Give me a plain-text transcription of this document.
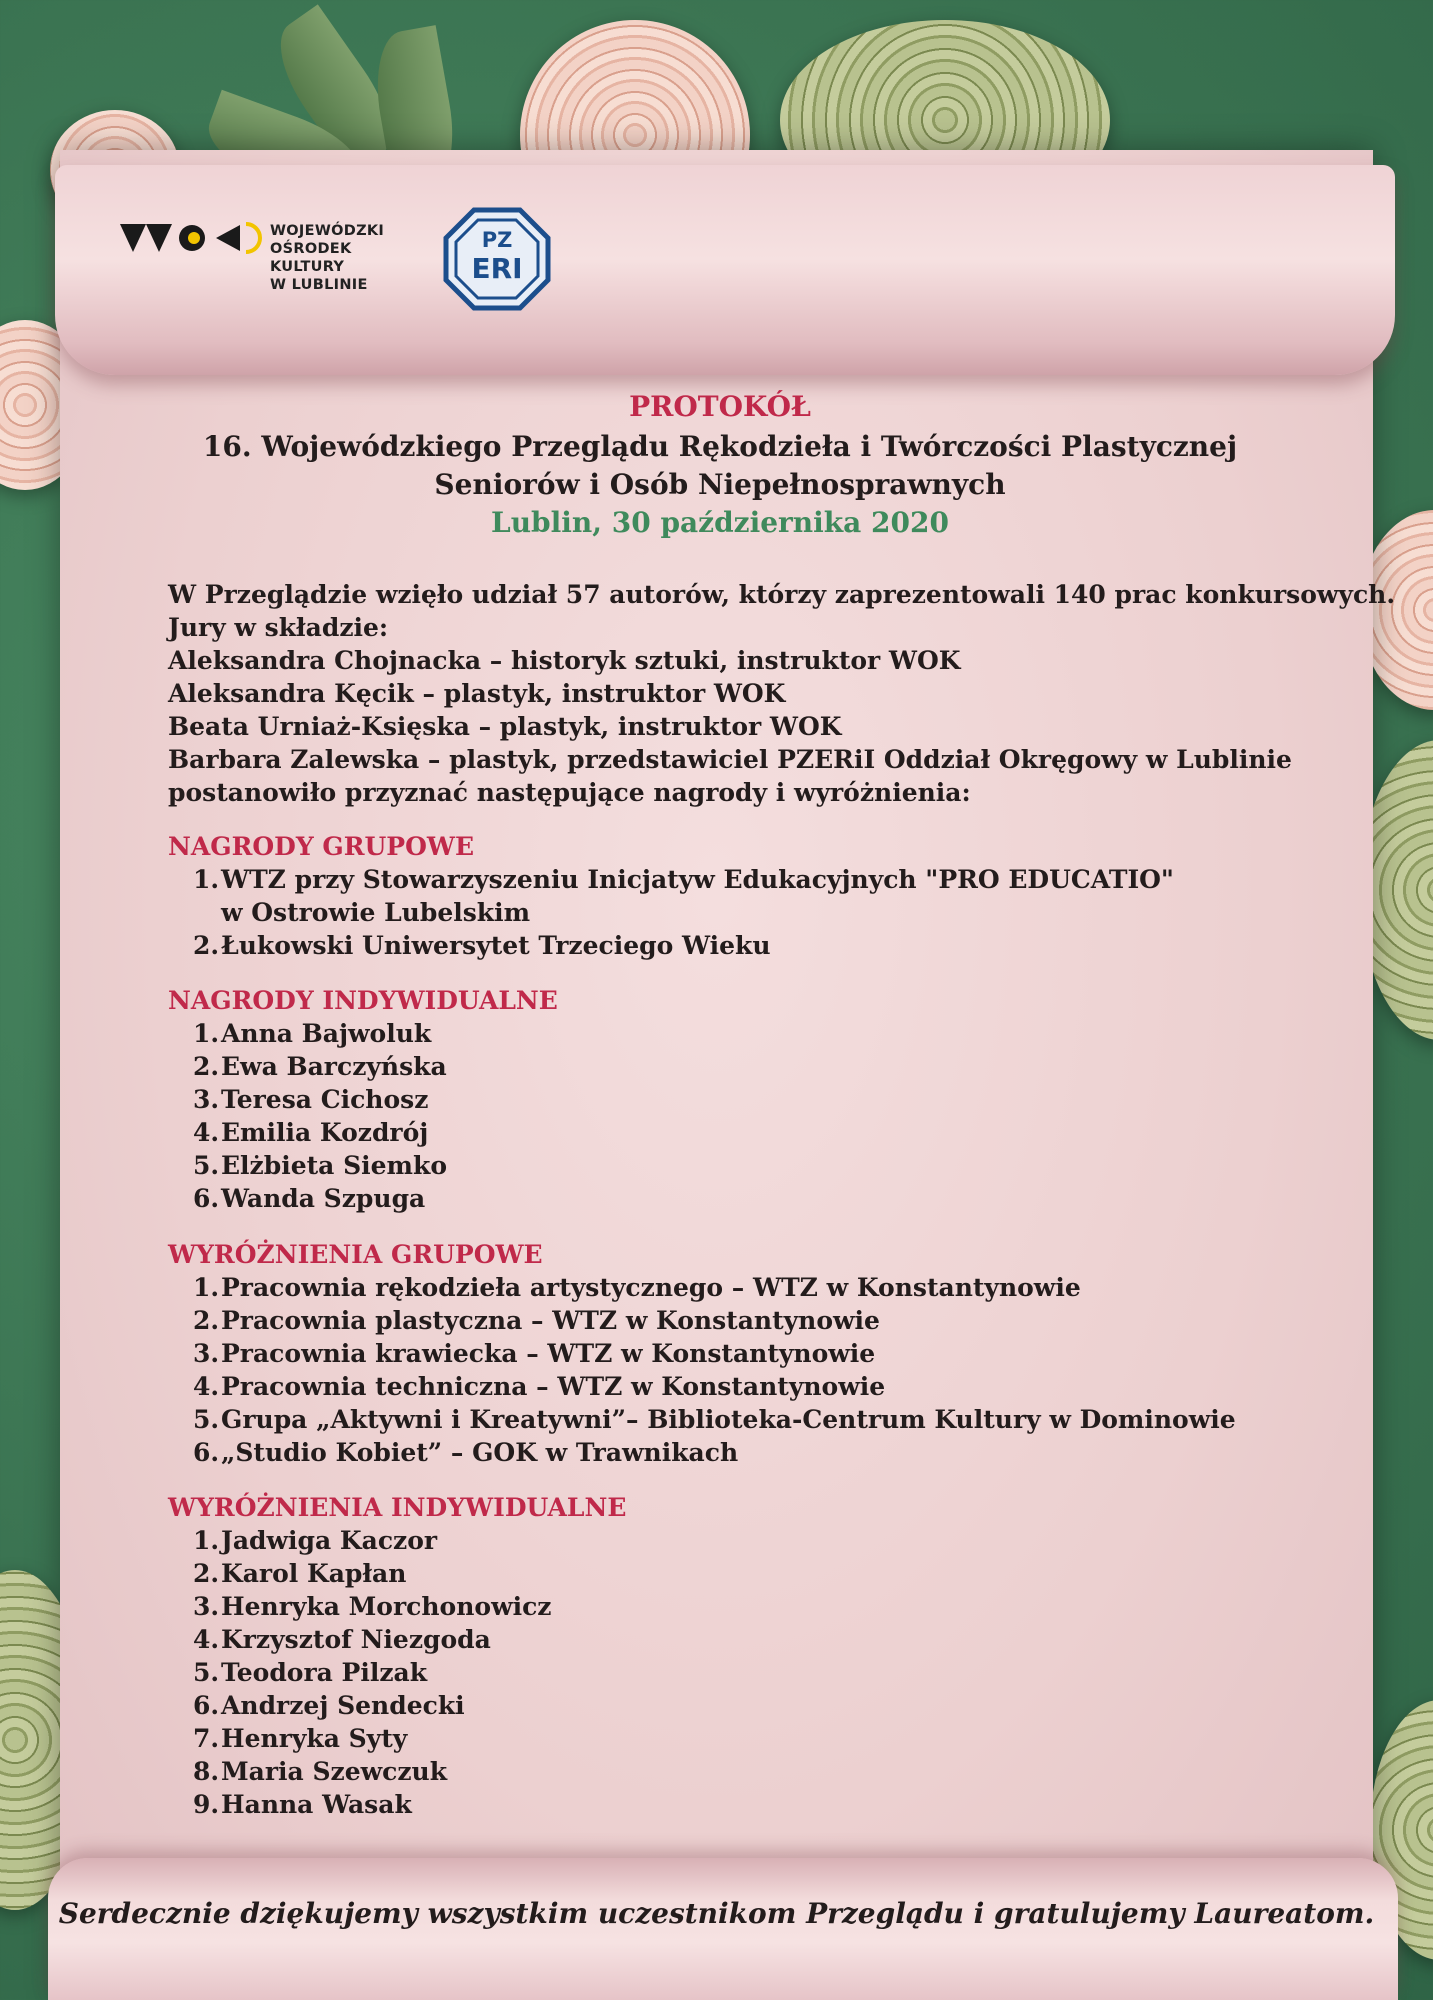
WOJEWÓDZKI
OŚRODEK
KULTURY
W LUBLINIE
PZ
ERI
PROTOKÓŁ
16. Wojewódzkiego Przeglądu Rękodzieła i Twórczości Plastycznej
Seniorów i Osób Niepełnosprawnych
Lublin, 30 października 2020
W Przeglądzie wzięło udział 57 autorów, którzy zaprezentowali 140 prac konkursowych.
Jury w składzie:
Aleksandra Chojnacka – historyk sztuki, instruktor WOK
Aleksandra Kęcik – plastyk, instruktor WOK
Beata Urniaż-Księska – plastyk, instruktor WOK
Barbara Zalewska – plastyk, przedstawiciel PZERiI Oddział Okręgowy w Lublinie
postanowiło przyznać następujące nagrody i wyróżnienia:
NAGRODY GRUPOWE
1.WTZ przy Stowarzyszeniu Inicjatyw Edukacyjnych "PRO EDUCATIO"
w Ostrowie Lubelskim
2.Łukowski Uniwersytet Trzeciego Wieku
NAGRODY INDYWIDUALNE
1.Anna Bajwoluk
2.Ewa Barczyńska
3.Teresa Cichosz
4.Emilia Kozdrój
5.Elżbieta Siemko
6.Wanda Szpuga
WYRÓŻNIENIA GRUPOWE
1.Pracownia rękodzieła artystycznego – WTZ w Konstantynowie
2.Pracownia plastyczna – WTZ w Konstantynowie
3.Pracownia krawiecka – WTZ w Konstantynowie
4.Pracownia techniczna – WTZ w Konstantynowie
5.Grupa „Aktywni i Kreatywni”– Biblioteka-Centrum Kultury w Dominowie
6.„Studio Kobiet” – GOK w Trawnikach
WYRÓŻNIENIA INDYWIDUALNE
1.Jadwiga Kaczor
2.Karol Kapłan
3.Henryka Morchonowicz
4.Krzysztof Niezgoda
5.Teodora Pilzak
6.Andrzej Sendecki
7.Henryka Syty
8.Maria Szewczuk
9.Hanna Wasak
Serdecznie dziękujemy wszystkim uczestnikom Przeglądu i gratulujemy Laureatom.
